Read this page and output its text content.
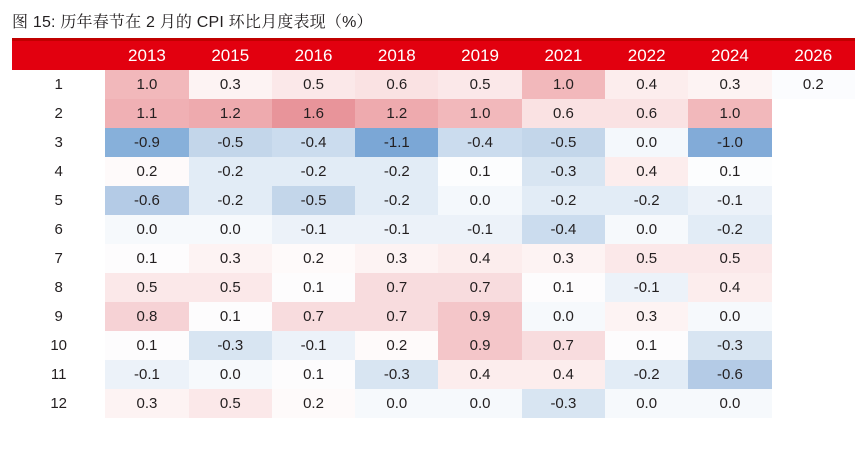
图 15: 历年春节在 2 月的 CPI 环比月度表现（%）
	2013	2015	2016	2018	2019	2021	2022	2024	2026
1	1.0	0.3	0.5	0.6	0.5	1.0	0.4	0.3	0.2
2	1.1	1.2	1.6	1.2	1.0	0.6	0.6	1.0	
3	-0.9	-0.5	-0.4	-1.1	-0.4	-0.5	0.0	-1.0	
4	0.2	-0.2	-0.2	-0.2	0.1	-0.3	0.4	0.1	
5	-0.6	-0.2	-0.5	-0.2	0.0	-0.2	-0.2	-0.1	
6	0.0	0.0	-0.1	-0.1	-0.1	-0.4	0.0	-0.2	
7	0.1	0.3	0.2	0.3	0.4	0.3	0.5	0.5	
8	0.5	0.5	0.1	0.7	0.7	0.1	-0.1	0.4	
9	0.8	0.1	0.7	0.7	0.9	0.0	0.3	0.0	
10	0.1	-0.3	-0.1	0.2	0.9	0.7	0.1	-0.3	
11	-0.1	0.0	0.1	-0.3	0.4	0.4	-0.2	-0.6	
12	0.3	0.5	0.2	0.0	0.0	-0.3	0.0	0.0	
